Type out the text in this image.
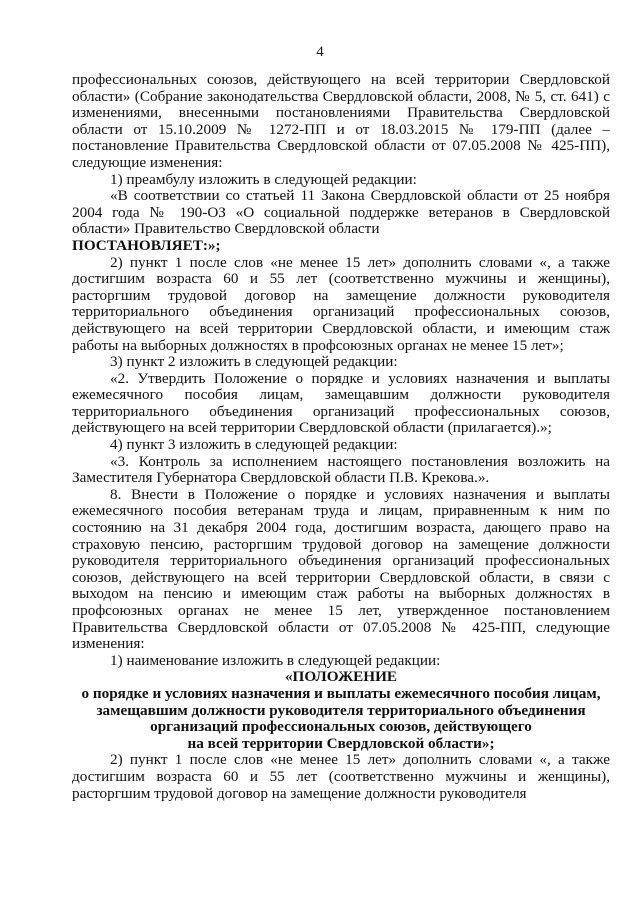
4

профессиональных союзов, действующего на всей территории Свердловской области» (Собрание законодательства Свердловской области, 2008, № 5, ст. 641) с изменениями, внесенными постановлениями Правительства Свердловской области от 15.10.2009 № 1272-ПП и от 18.03.2015 № 179-ПП (далее – постановление Правительства Свердловской области от 07.05.2008 № 425-ПП), следующие изменения:

1) преамбулу изложить в следующей редакции:

«В соответствии со статьей 11 Закона Свердловской области от 25 ноября 2004 года № 190-ОЗ «О социальной поддержке ветеранов в Свердловской области» Правительство Свердловской области

ПОСТАНОВЛЯЕТ:»;

2) пункт 1 после слов «не менее 15 лет» дополнить словами «, а также достигшим возраста 60 и 55 лет (соответственно мужчины и женщины), расторгшим трудовой договор на замещение должности руководителя территориального объединения организаций профессиональных союзов, действующего на всей территории Свердловской области, и имеющим стаж работы на выборных должностях в профсоюзных органах не менее 15 лет»;

3) пункт 2 изложить в следующей редакции:

«2. Утвердить Положение о порядке и условиях назначения и выплаты ежемесячного пособия лицам, замещавшим должности руководителя территориального объединения организаций профессиональных союзов, действующего на всей территории Свердловской области (прилагается).»;

4) пункт 3 изложить в следующей редакции:

«3. Контроль за исполнением настоящего постановления возложить на Заместителя Губернатора Свердловской области П.В. Крекова.».

8. Внести в Положение о порядке и условиях назначения и выплаты ежемесячного пособия ветеранам труда и лицам, приравненным к ним по состоянию на 31 декабря 2004 года, достигшим возраста, дающего право на страховую пенсию, расторгшим трудовой договор на замещение должности руководителя территориального объединения организаций профессиональных союзов, действующего на всей территории Свердловской области, в связи с выходом на пенсию и имеющим стаж работы на выборных должностях в профсоюзных органах не менее 15 лет, утвержденное постановлением Правительства Свердловской области от 07.05.2008 № 425-ПП, следующие изменения:

1) наименование изложить в следующей редакции:

«ПОЛОЖЕНИЕ

о порядке и условиях назначения и выплаты ежемесячного пособия лицам,

замещавшим должности руководителя территориального объединения

организаций профессиональных союзов, действующего

на всей территории Свердловской области»;

2) пункт 1 после слов «не менее 15 лет» дополнить словами «, а также достигшим возраста 60 и 55 лет (соответственно мужчины и женщины), расторгшим трудовой договор на замещение должности руководителя
